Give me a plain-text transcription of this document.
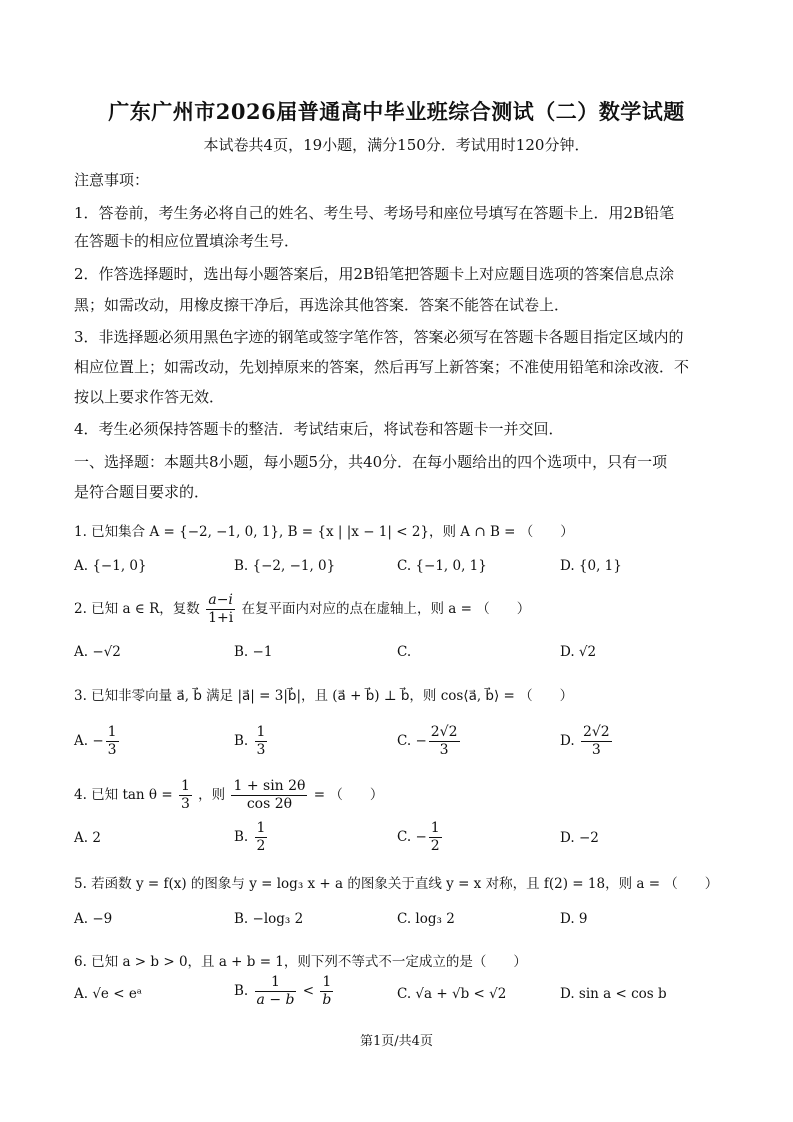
广东广州市2026届普通高中毕业班综合测试（二）数学试题
本试卷共4页，19小题，满分150分．考试用时120分钟．
注意事项：
1．答卷前，考生务必将自己的姓名、考生号、考场号和座位号填写在答题卡上．用2B铅笔
在答题卡的相应位置填涂考生号．
2．作答选择题时，选出每小题答案后，用2B铅笔把答题卡上对应题目选项的答案信息点涂
黑；如需改动，用橡皮擦干净后，再选涂其他答案．答案不能答在试卷上．
3．非选择题必须用黑色字迹的钢笔或签字笔作答，答案必须写在答题卡各题目指定区域内的
相应位置上；如需改动，先划掉原来的答案，然后再写上新答案；不准使用铅笔和涂改液．不
按以上要求作答无效．
4．考生必须保持答题卡的整洁．考试结束后，将试卷和答题卡一并交回．
一、选择题：本题共8小题，每小题5分，共40分．在每小题给出的四个选项中，只有一项
是符合题目要求的．
1. 已知集合 A = {−2, −1, 0, 1}, B = {x | |x − 1| < 2}，则 A ∩ B = （　　）
A. {−1, 0}	B. {−2, −1, 0}	C. {−1, 0, 1}	D. {0, 1}
2. 已知 a ∈ R，复数 $\frac{a-i}{1+i}$ 在复平面内对应的点在虚轴上，则 a = （　　）
A. −√2	B. −1	C.	D. √2
3. 已知非零向量 a⃗, b⃗ 满足 |a⃗| = 3|b⃗|，且 (a⃗ + b⃗) ⊥ b⃗，则 cos⟨a⃗, b⃗⟩ = （　　）
A. − $\frac{1}{3}$	B. $\frac{1}{3}$	C. − $\frac{2√2}{3}$	D. $\frac{2√2}{3}$
4. 已知 $\tan \theta = \frac{1}{3}$ ，则 $\frac{1 + \sin 2\theta}{\cos 2\theta}$ = （　　）
A. 2	B. $\frac{1}{2}$	C. − $\frac{1}{2}$	D. −2
5. 若函数 y = f(x) 的图象与 y = log₃ x + a 的图象关于直线 y = x 对称，且 f(2) = 18，则 a = （　　）
A. −9	B. −log₃ 2	C. log₃ 2	D. 9
6. 已知 a > b > 0，且 a + b = 1，则下列不等式不一定成立的是（　　）
A. √e < eᵃ	B. $\frac{1}{a - b} < \frac{1}{b}$	C. √a + √b < √2	D. sin a < cos b
第1页/共4页
